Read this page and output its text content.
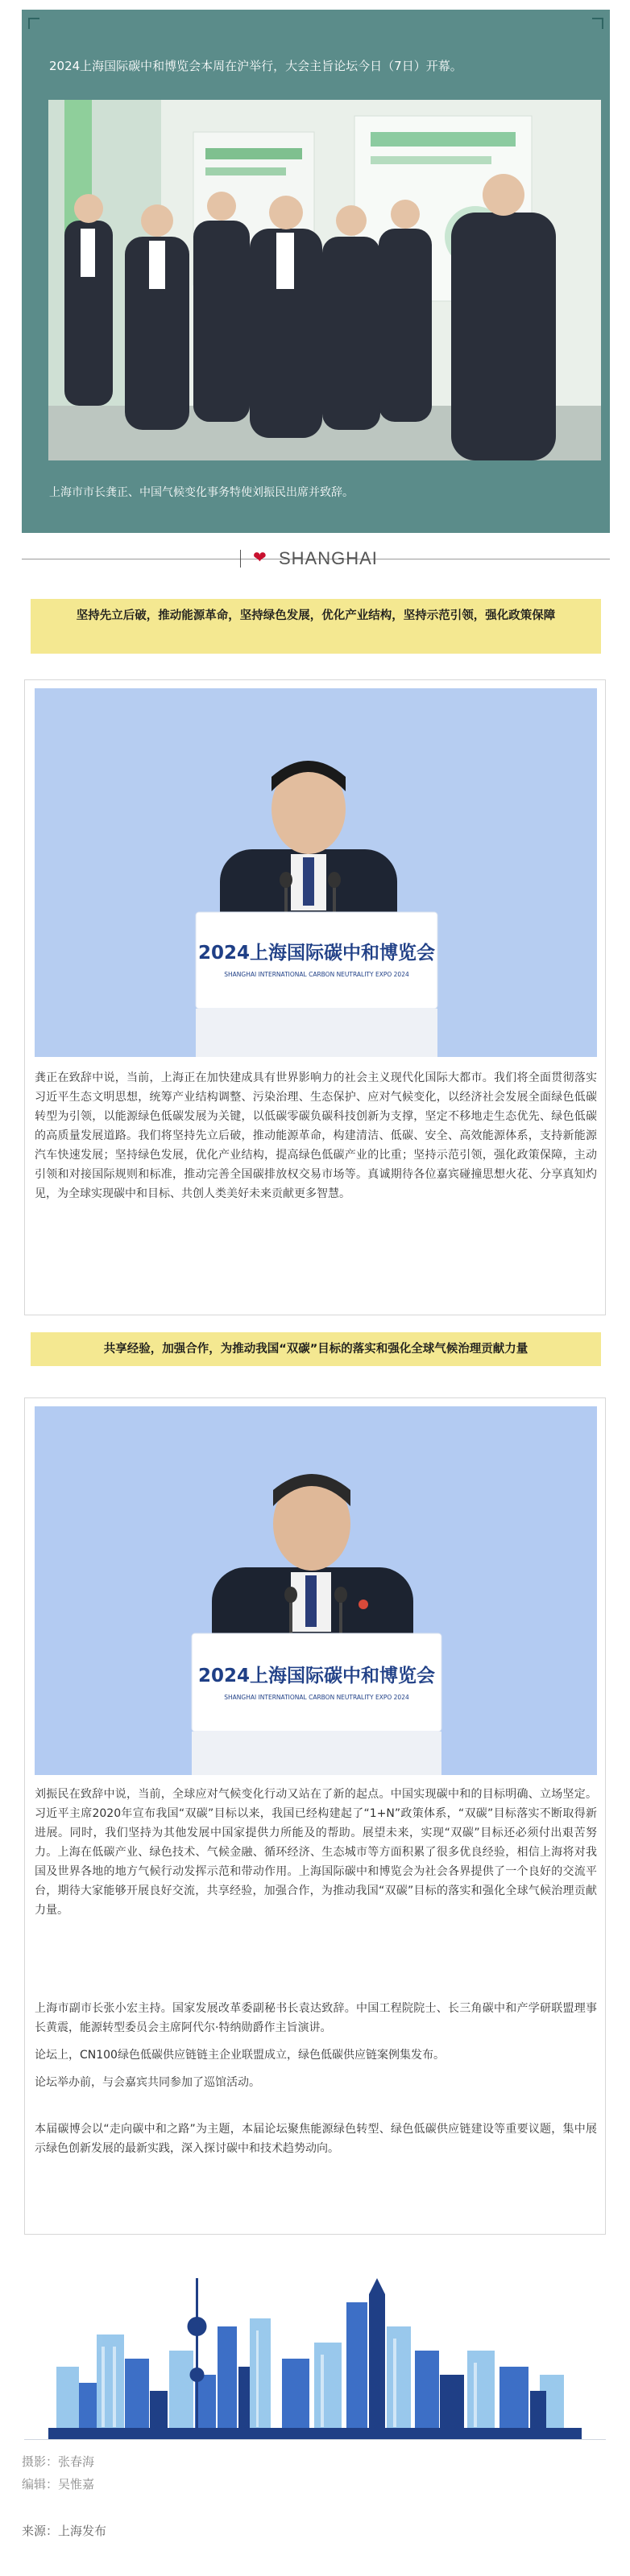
2024上海国际碳中和博览会本周在沪举行，大会主旨论坛今日（7日）开幕。

上海市市长龚正、中国气候变化事务特使刘振民出席并致辞。

❤ SHANGHAI
坚持先立后破，推动能源革命，坚持绿色发展，优化产业结构，坚持示范引领，强化政策保障
2024上海国际碳中和博览会
SHANGHAI INTERNATIONAL CARBON NEUTRALITY EXPO 2024

龚正在致辞中说，当前，上海正在加快建成具有世界影响力的社会主义现代化国际大都市。我们将全面贯彻落实习近平生态文明思想，统筹产业结构调整、污染治理、生态保护、应对气候变化，以经济社会发展全面绿色低碳转型为引领，以能源绿色低碳发展为关键，以低碳零碳负碳科技创新为支撑，坚定不移地走生态优先、绿色低碳的高质量发展道路。我们将坚持先立后破，推动能源革命，构建清洁、低碳、安全、高效能源体系，支持新能源汽车快速发展；坚持绿色发展，优化产业结构，提高绿色低碳产业的比重；坚持示范引领，强化政策保障，主动引领和对接国际规则和标准，推动完善全国碳排放权交易市场等。真诚期待各位嘉宾碰撞思想火花、分享真知灼见，为全球实现碳中和目标、共创人类美好未来贡献更多智慧。

共享经验，加强合作，为推动我国“双碳”目标的落实和强化全球气候治理贡献力量
2024上海国际碳中和博览会
SHANGHAI INTERNATIONAL CARBON NEUTRALITY EXPO 2024

刘振民在致辞中说，当前，全球应对气候变化行动又站在了新的起点。中国实现碳中和的目标明确、立场坚定。习近平主席2020年宣布我国“双碳”目标以来，我国已经构建起了“1+N”政策体系，“双碳”目标落实不断取得新进展。同时，我们坚持为其他发展中国家提供力所能及的帮助。展望未来，实现“双碳”目标还必须付出艰苦努力。上海在低碳产业、绿色技术、气候金融、循环经济、生态城市等方面积累了很多优良经验，相信上海将对我国及世界各地的地方气候行动发挥示范和带动作用。上海国际碳中和博览会为社会各界提供了一个良好的交流平台，期待大家能够开展良好交流，共享经验，加强合作，为推动我国“双碳”目标的落实和强化全球气候治理贡献力量。

上海市副市长张小宏主持。国家发展改革委副秘书长袁达致辞。中国工程院院士、长三角碳中和产学研联盟理事长黄震，能源转型委员会主席阿代尔·特纳勋爵作主旨演讲。

论坛上，CN100绿色低碳供应链链主企业联盟成立，绿色低碳供应链案例集发布。

论坛举办前，与会嘉宾共同参加了巡馆活动。

本届碳博会以“走向碳中和之路”为主题，本届论坛聚焦能源绿色转型、绿色低碳供应链建设等重要议题，集中展示绿色创新发展的最新实践，深入探讨碳中和技术趋势动向。

摄影：张春海
编辑：吴惟嘉
来源：上海发布
